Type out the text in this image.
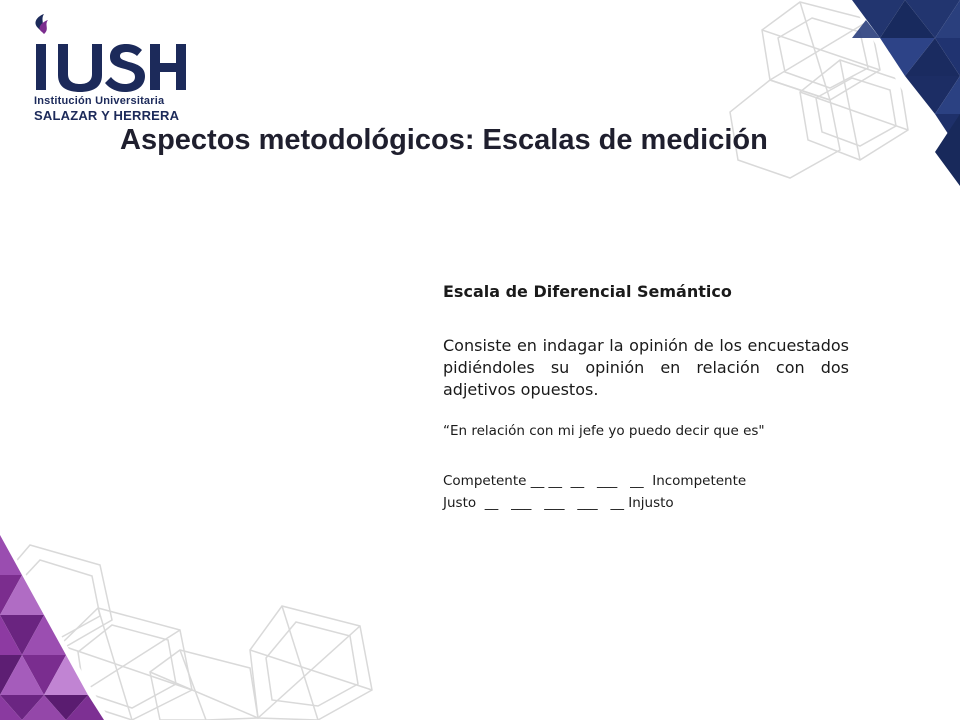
Institución Universitaria
SALAZAR Y HERRERA
Aspectos metodológicos: Escalas de medición

Escala de Diferencial Semántico

Consiste en indagar la opinión de los encuestados pidiéndoles su opinión en relación con dos adjetivos opuestos.

“En relación con mi jefe yo puedo decir que es"

Competente __ __  __   ___   __  Incompetente

Justo  __   ___   ___   ___   __ Injusto
